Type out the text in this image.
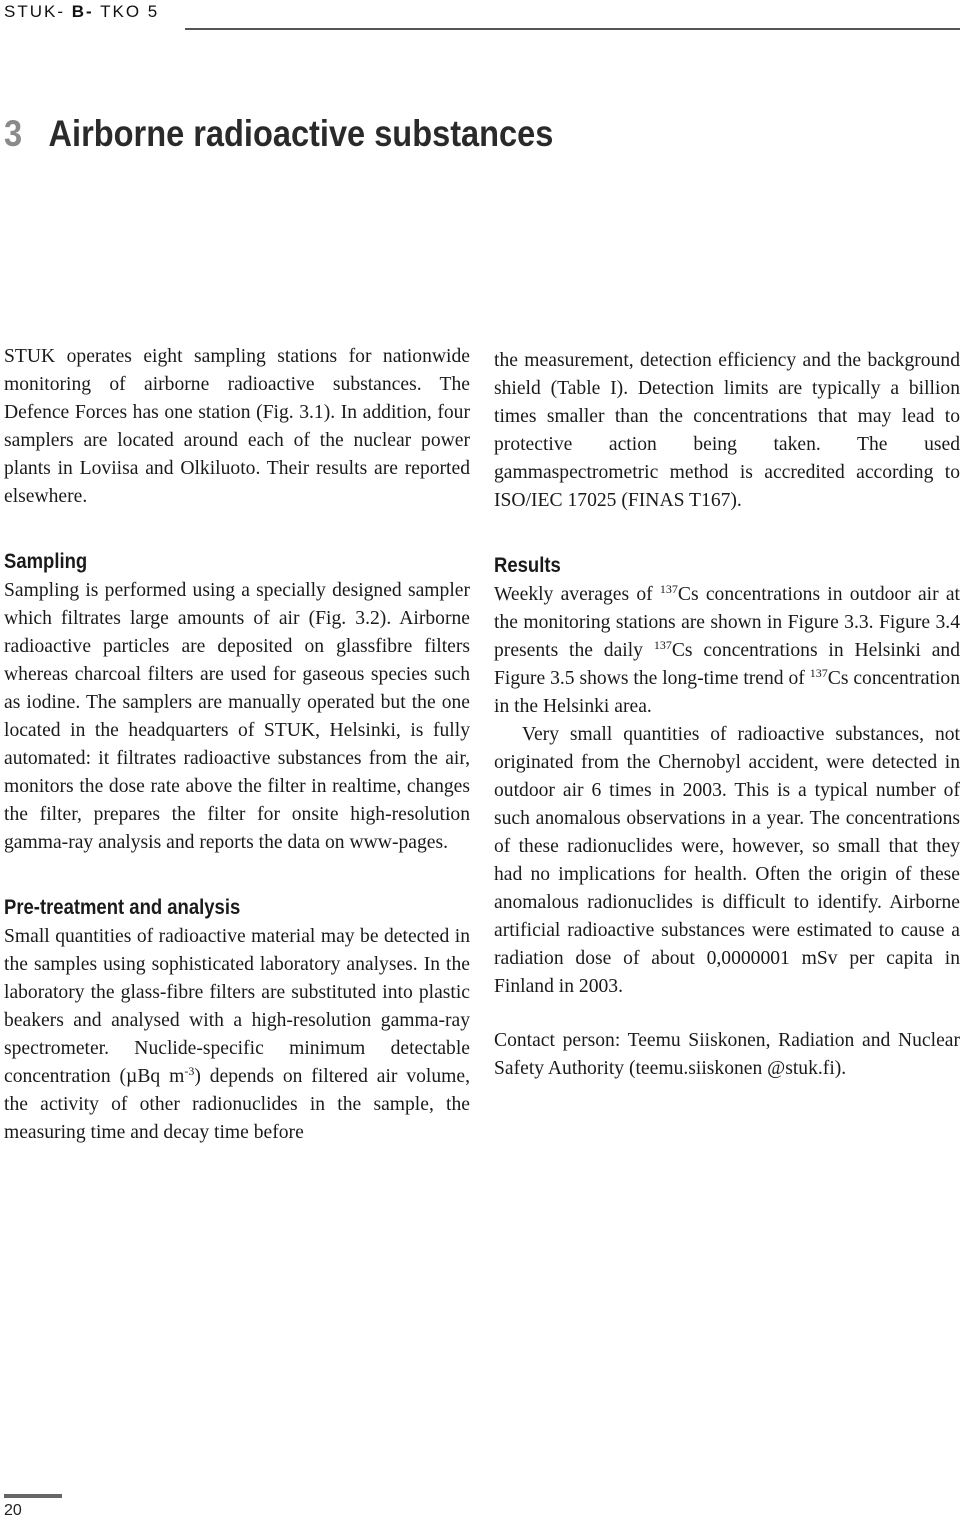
STUK- B- TKO 5
3 Airborne radioactive substances

STUK operates eight sampling stations for nationwide monitoring of airborne radioactive substances. The Defence Forces has one station (Fig. 3.1). In addition, four samplers are located around each of the nuclear power plants in Loviisa and Olkiluoto. Their results are reported elsewhere.

Sampling

Sampling is performed using a specially designed sampler which filtrates large amounts of air (Fig. 3.2). Airborne radioactive particles are deposited on glassfibre filters whereas charcoal filters are used for gaseous species such as iodine. The samplers are manually operated but the one located in the headquarters of STUK, Helsinki, is fully automated: it filtrates radioactive substances from the air, monitors the dose rate above the filter in realtime, changes the filter, prepares the filter for onsite high-resolution gamma-ray analysis and reports the data on www-pages.

Pre-treatment and analysis

Small quantities of radioactive material may be detected in the samples using sophisticated laboratory analyses. In the laboratory the glass-fibre filters are substituted into plastic beakers and analysed with a high-resolution gamma-ray spectrometer. Nuclide-specific minimum detectable concentration (µBq $m^{-3}$) depends on filtered air volume, the activity of other radionuclides in the sample, the measuring time and decay time before

the measurement, detection efficiency and the background shield (Table I). Detection limits are typically a billion times smaller than the concentrations that may lead to protective action being taken. The used gammaspectrometric method is accredited according to ISO/IEC 17025 (FINAS T167).

Results

Weekly averages of $^{137}$Cs concentrations in outdoor air at the monitoring stations are shown in Figure 3.3. Figure 3.4 presents the daily $^{137}$Cs concentrations in Helsinki and Figure 3.5 shows the long-time trend of $^{137}$Cs concentration in the Helsinki area.

Very small quantities of radioactive substances, not originated from the Chernobyl accident, were detected in outdoor air 6 times in 2003. This is a typical number of such anomalous observations in a year. The concentrations of these radionuclides were, however, so small that they had no implications for health. Often the origin of these anomalous radionuclides is difficult to identify. Airborne artificial radioactive substances were estimated to cause a radiation dose of about 0,0000001 mSv per capita in Finland in 2003.

Contact person: Teemu Siiskonen, Radiation and Nuclear Safety Authority (teemu.siiskonen @stuk.fi).

20
